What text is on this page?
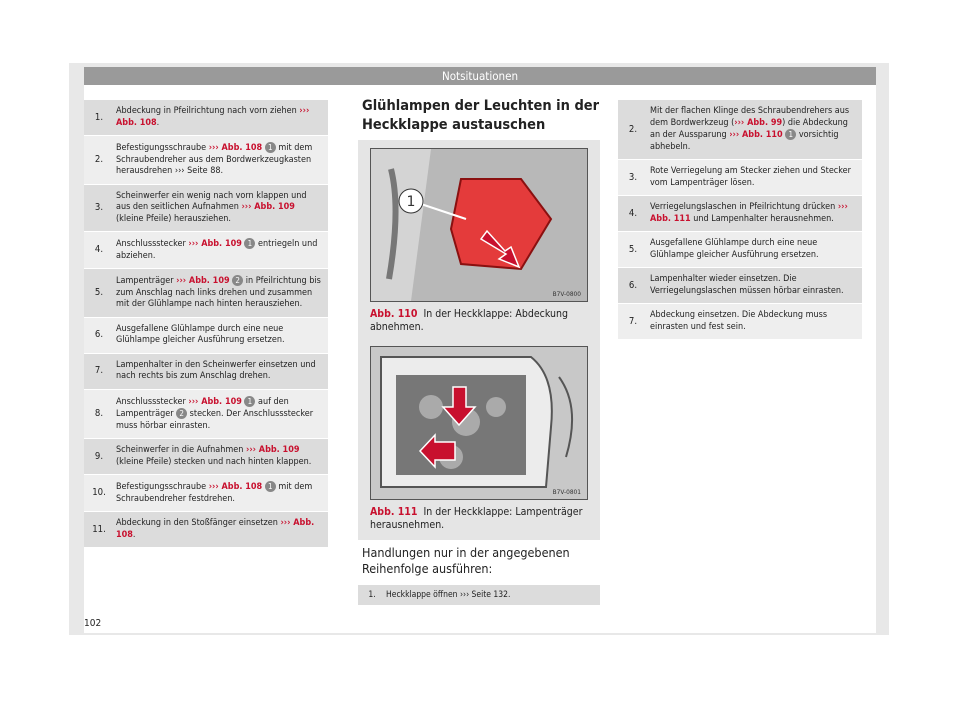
Notsituationen
1.
Abdeckung in Pfeilrichtung nach vorn ziehen ››› Abb. 108.
2.
Befestigungsschraube ››› Abb. 108 1 mit dem Schraubendreher aus dem Bordwerkzeugkasten herausdrehen ››› Seite 88.
3.
Scheinwerfer ein wenig nach vorn klappen und aus den seitlichen Aufnahmen ››› Abb. 109 (kleine Pfeile) herausziehen.
4.
Anschlussstecker ››› Abb. 109 1 entriegeln und abziehen.
5.
Lampenträger ››› Abb. 109 2 in Pfeilrichtung bis zum Anschlag nach links drehen und zusammen mit der Glühlampe nach hinten herausziehen.
6.
Ausgefallene Glühlampe durch eine neue Glühlampe gleicher Ausführung ersetzen.
7.
Lampenhalter in den Scheinwerfer einsetzen und nach rechts bis zum Anschlag drehen.
8.
Anschlussstecker ››› Abb. 109 1 auf den Lampenträger 2 stecken. Der Anschlussstecker muss hörbar einrasten.
9.
Scheinwerfer in die Aufnahmen ››› Abb. 109 (kleine Pfeile) stecken und nach hinten klappen.
10.
Befestigungsschraube ››› Abb. 108 1 mit dem Schraubendreher festdrehen.
11.
Abdeckung in den Stoßfänger einsetzen ››› Abb. 108.
Glühlampen der Leuchten in der Heckklappe austauschen
1
B7V-0800
Abb. 110 In der Heckklappe: Abdeckung abnehmen.
B7V-0801
Abb. 111 In der Heckklappe: Lampenträger herausnehmen.
Handlungen nur in der angegebenen Reihenfolge ausführen:
1.	Heckklappe öffnen ››› Seite 132.
2.
Mit der flachen Klinge des Schraubendrehers aus dem Bordwerkzeug (››› Abb. 99) die Abdeckung an der Aussparung ››› Abb. 110 1 vorsichtig abhebeln.
3.
Rote Verriegelung am Stecker ziehen und Stecker vom Lampenträger lösen.
4.
Verriegelungslaschen in Pfeilrichtung drücken ››› Abb. 111 und Lampenhalter herausnehmen.
5.
Ausgefallene Glühlampe durch eine neue Glühlampe gleicher Ausführung ersetzen.
6.
Lampenhalter wieder einsetzen. Die Verriegelungslaschen müssen hörbar einrasten.
7.
Abdeckung einsetzen. Die Abdeckung muss einrasten und fest sein.
102
